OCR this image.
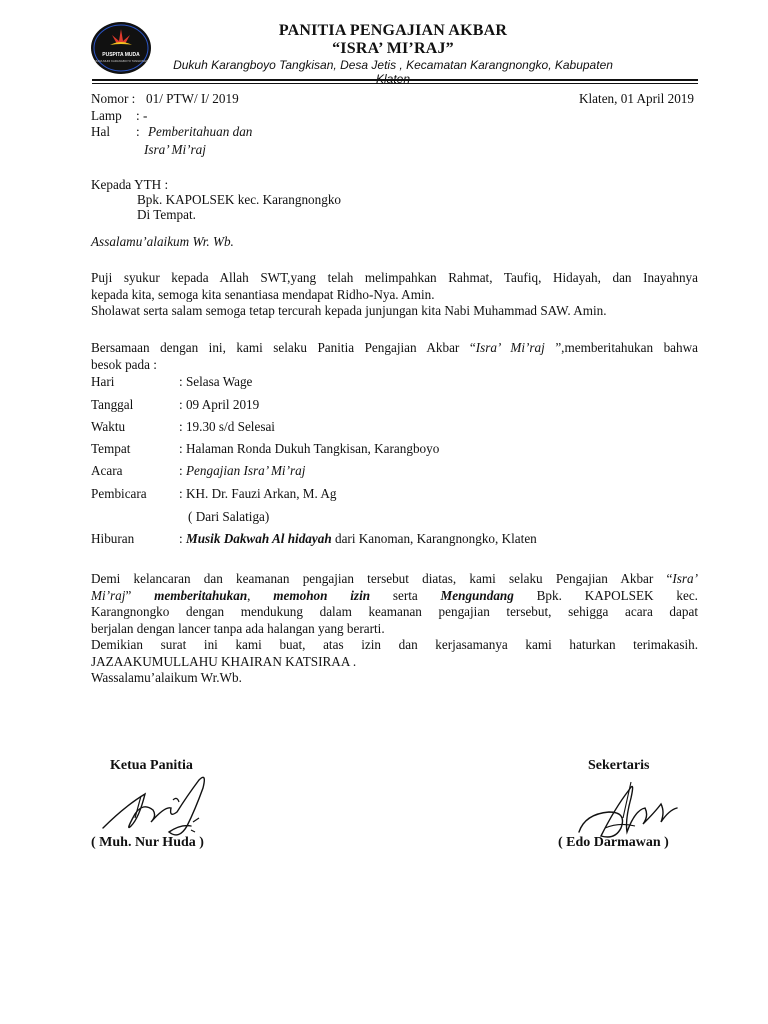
PUSPITA MUDA
MUDA MUDI KARANGBOYO TANGKISAN
PANITIA PENGAJIAN AKBAR
“ISRA’ MI’RAJ”
Dukuh Karangboyo Tangkisan, Desa Jetis , Kecamatan Karangnongko, Kabupaten
Nomor : 01/ PTW/ I/ 2019	Klaten, 01 April 2019
Lamp : -
Hal : Pemberitahuan dan
Isra’ Mi’raj
Kepada YTH :
Bpk. KAPOLSEK kec. Karangnongko
Di Tempat.
Assalamu’alaikum Wr. Wb.
Puji syukur kepada Allah SWT,yang telah melimpahkan Rahmat, Taufiq, Hidayah, dan Inayahnya
kepada kita, semoga kita senantiasa mendapat Ridho-Nya. Amin.
Sholawat serta salam semoga tetap tercurah kepada junjungan kita Nabi Muhammad SAW. Amin.
Bersamaan dengan ini, kami selaku Panitia Pengajian Akbar “Isra’ Mi’raj ”,memberitahukan bahwa
besok pada :
Hari	: Selasa Wage
Tanggal	: 09 April 2019
Waktu	: 19.30 s/d Selesai
Tempat	: Halaman Ronda Dukuh Tangkisan, Karangboyo
Acara	: Pengajian Isra’ Mi’raj
Pembicara : KH. Dr. Fauzi Arkan, M. Ag
( Dari Salatiga)
Hiburan	: Musik Dakwah Al hidayah dari Kanoman, Karangnongko, Klaten
Demi kelancaran dan keamanan pengajian tersebut diatas, kami selaku Pengajian Akbar “Isra’
Mi’raj” memberitahukan, memohon izin serta Mengundang Bpk. KAPOLSEK kec.
Karangnongko dengan mendukung dalam keamanan pengajian tersebut, sehigga acara dapat
berjalan dengan lancer tanpa ada halangan yang berarti.
Demikian surat ini kami buat, atas izin dan kerjasamanya kami haturkan terimakasih.
JAZAAKUMULLAHU KHAIRAN KATSIRAA .
Wassalamu’alaikum Wr.Wb.
Ketua Panitia	Sekertaris
( Muh. Nur Huda )	( Edo Darmawan )
